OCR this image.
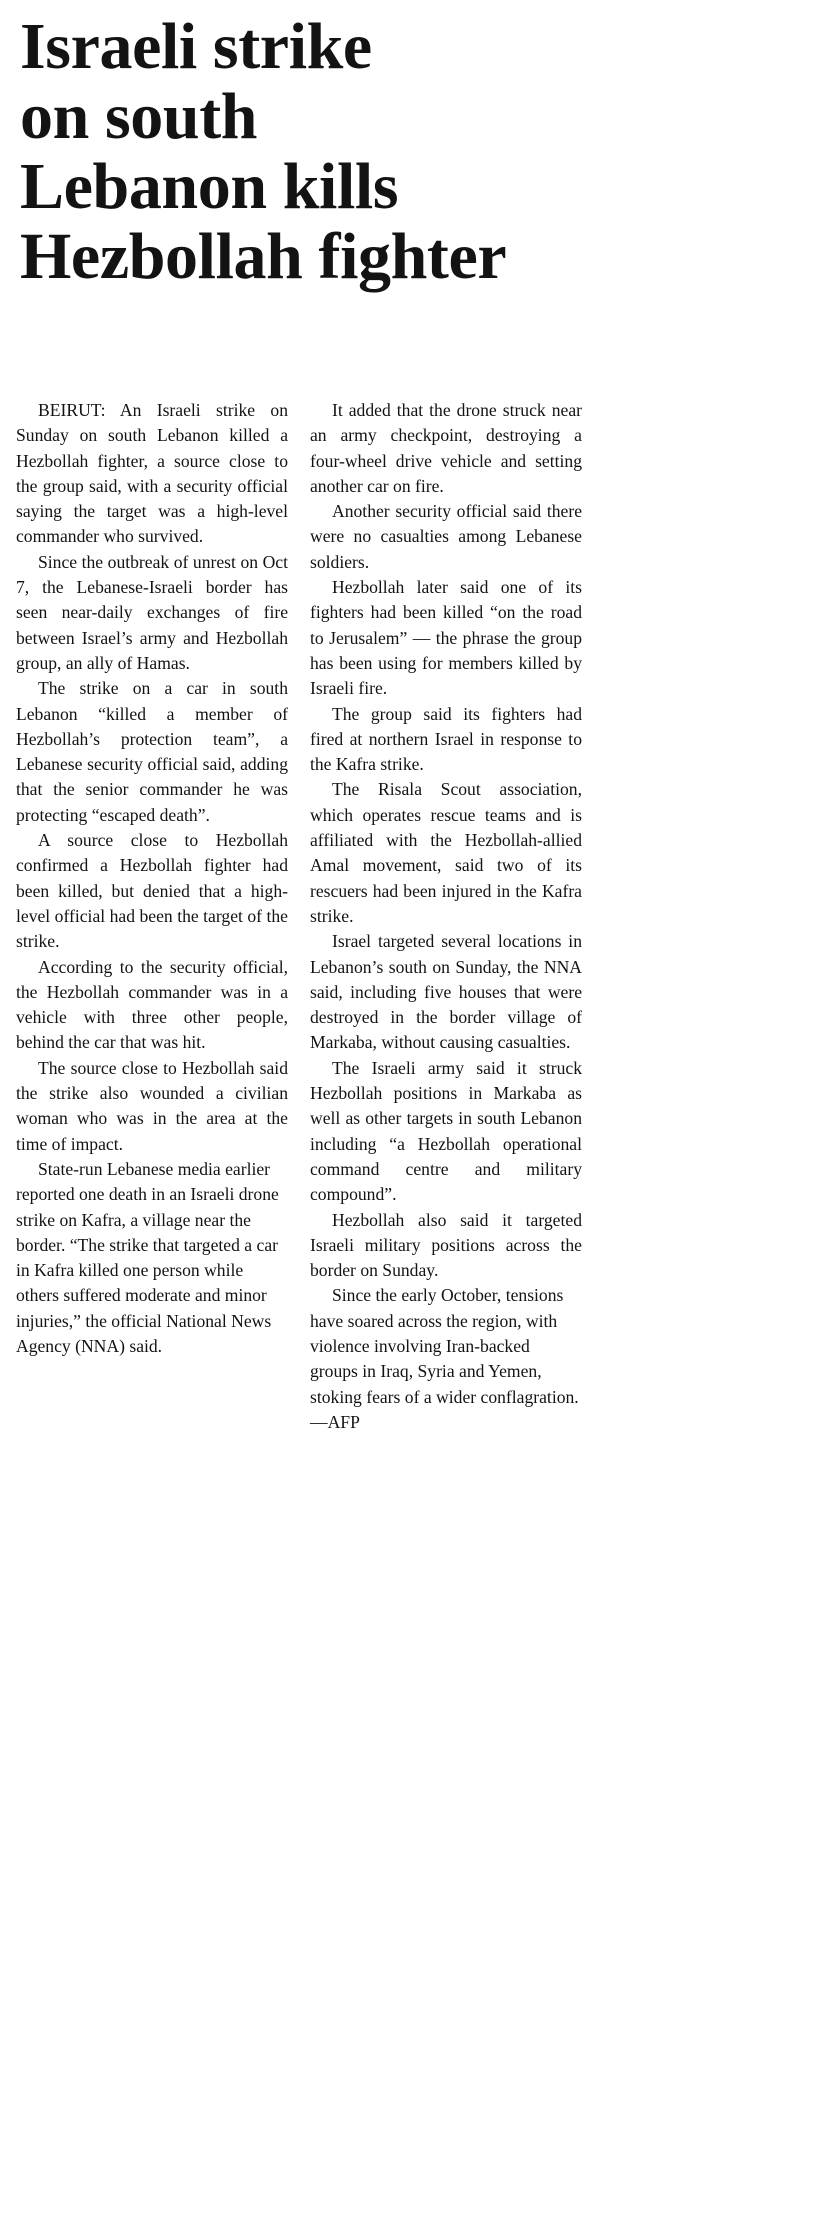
Israeli strike
on south
Lebanon kills
Hezbollah fighter

BEIRUT: An Israeli strike on Sunday on south Lebanon killed a Hezbollah fighter, a source close to the group said, with a security official saying the target was a high-level commander who survived.

Since the outbreak of unrest on Oct 7, the Lebanese-Israeli border has seen near-daily exchanges of fire between Israel’s army and Hezbollah group, an ally of Hamas.

The strike on a car in south Lebanon “killed a member of Hezbollah’s protection team”, a Lebanese security official said, adding that the senior commander he was protecting “escaped death”.

A source close to Hezbollah confirmed a Hezbollah fighter had been killed, but denied that a high-level official had been the target of the strike.

According to the security official, the Hezbollah commander was in a vehicle with three other people, behind the car that was hit.

The source close to Hezbollah said the strike also wounded a civilian woman who was in the area at the time of impact.

State-run Lebanese media earlier reported one death in an Israeli drone strike on Kafra, a village near the border. “The strike that targeted a car in Kafra killed one person while others suffered moderate and minor injuries,” the official National News Agency (NNA) said.

It added that the drone struck near an army checkpoint, destroying a four-wheel drive vehicle and setting another car on fire.

Another security official said there were no casualties among Lebanese soldiers.

Hezbollah later said one of its fighters had been killed “on the road to Jerusalem” — the phrase the group has been using for members killed by Israeli fire.

The group said its fighters had fired at northern Israel in response to the Kafra strike.

The Risala Scout association, which operates rescue teams and is affiliated with the Hezbollah-allied Amal movement, said two of its rescuers had been injured in the Kafra strike.

Israel targeted several locations in Lebanon’s south on Sunday, the NNA said, including five houses that were destroyed in the border village of Markaba, without causing casualties.

The Israeli army said it struck Hezbollah positions in Markaba as well as other targets in south Lebanon including “a Hezbollah operational command centre and military compound”.

Hezbollah also said it targeted Israeli military positions across the border on Sunday.

Since the early October, tensions have soared across the region, with violence involving Iran-backed groups in Iraq, Syria and Yemen, stoking fears of a wider conflagration.—AFP
